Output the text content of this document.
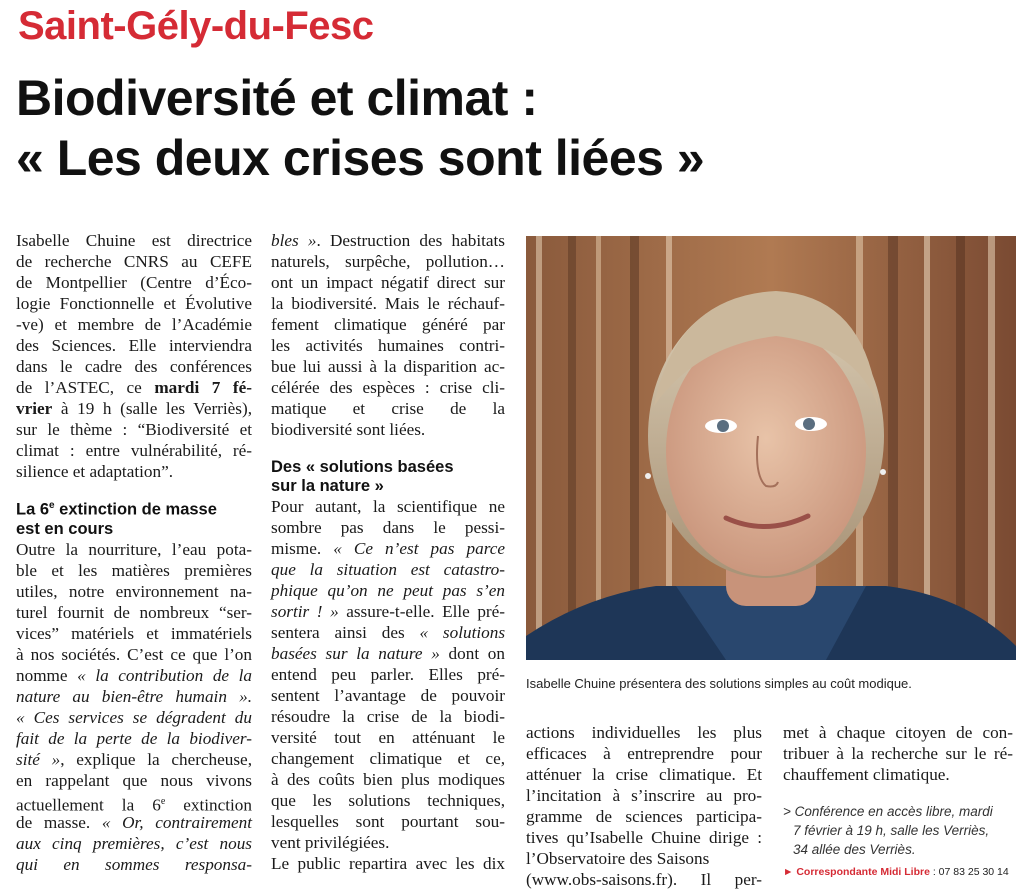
Saint-Gély-du-Fesc
Biodiversité et climat :
« Les deux crises sont liées »
Isabelle Chuine est directrice
de recherche CNRS au CEFE
de Montpellier (Centre d’Éco-
logie Fonctionnelle et Évolutive
-ve) et membre de l’Académie
des Sciences. Elle interviendra
dans le cadre des conférences
de l’ASTEC, ce mardi 7 fé-
vrier à 19 h (salle les Verriès),
sur le thème : “Biodiversité et
climat : entre vulnérabilité, ré-
silience et adaptation”.
La 6e extinction de masse
est en cours
Outre la nourriture, l’eau pota-
ble et les matières premières
utiles, notre environnement na-
turel fournit de nombreux “ser-
vices” matériels et immatériels
à nos sociétés. C’est ce que l’on
nomme « la contribution de la
nature au bien-être humain ».
« Ces services se dégradent du
fait de la perte de la biodiver-
sité », explique la chercheuse,
en rappelant que nous vivons
actuellement la 6e extinction
de masse. « Or, contrairement
aux cinq premières, c’est nous
qui en sommes responsa-
bles ». Destruction des habitats
naturels, surpêche, pollution…
ont un impact négatif direct sur
la biodiversité. Mais le réchauf-
fement climatique généré par
les activités humaines contri-
bue lui aussi à la disparition ac-
célérée des espèces : crise cli-
matique et crise de la
biodiversité sont liées.
Des « solutions basées
sur la nature »
Pour autant, la scientifique ne
sombre pas dans le pessi-
misme. « Ce n’est pas parce
que la situation est catastro-
phique qu’on ne peut pas s’en
sortir ! » assure-t-elle. Elle pré-
sentera ainsi des « solutions
basées sur la nature » dont on
entend peu parler. Elles pré-
sentent l’avantage de pouvoir
résoudre la crise de la biodi-
versité tout en atténuant le
changement climatique et ce,
à des coûts bien plus modiques
que les solutions techniques,
lesquelles sont pourtant sou-
vent privilégiées.
Le public repartira avec les dix
Isabelle Chuine présentera des solutions simples au coût modique.
actions individuelles les plus
efficaces à entreprendre pour
atténuer la crise climatique. Et
l’incitation à s’inscrire au pro-
gramme de sciences participa-
tives qu’Isabelle Chuine dirige :
l’Observatoire des Saisons
(www.obs-saisons.fr). Il per-
met à chaque citoyen de con-
tribuer à la recherche sur le ré-
chauffement climatique.
> Conférence en accès libre, mardi
7 février à 19 h, salle les Verriès,
34 allée des Verriès.
► Correspondante Midi Libre : 07 83 25 30 14
